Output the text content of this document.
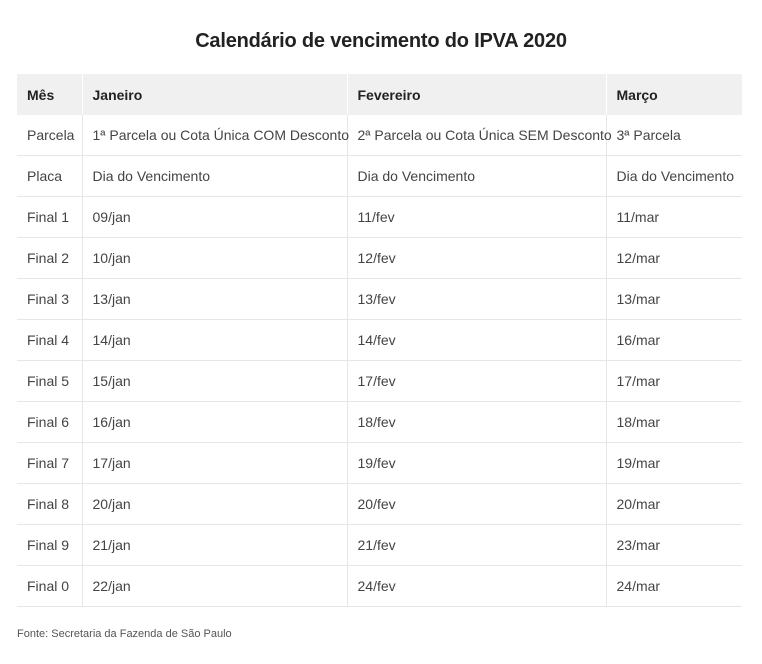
Calendário de vencimento do IPVA 2020
Mês	Janeiro	Fevereiro	Março
Parcela	1ª Parcela ou Cota Única COM Desconto	2ª Parcela ou Cota Única SEM Desconto	3ª Parcela
Placa	Dia do Vencimento	Dia do Vencimento	Dia do Vencimento
Final 1	09/jan	11/fev	11/mar
Final 2	10/jan	12/fev	12/mar
Final 3	13/jan	13/fev	13/mar
Final 4	14/jan	14/fev	16/mar
Final 5	15/jan	17/fev	17/mar
Final 6	16/jan	18/fev	18/mar
Final 7	17/jan	19/fev	19/mar
Final 8	20/jan	20/fev	20/mar
Final 9	21/jan	21/fev	23/mar
Final 0	22/jan	24/fev	24/mar
Fonte: Secretaria da Fazenda de São Paulo
